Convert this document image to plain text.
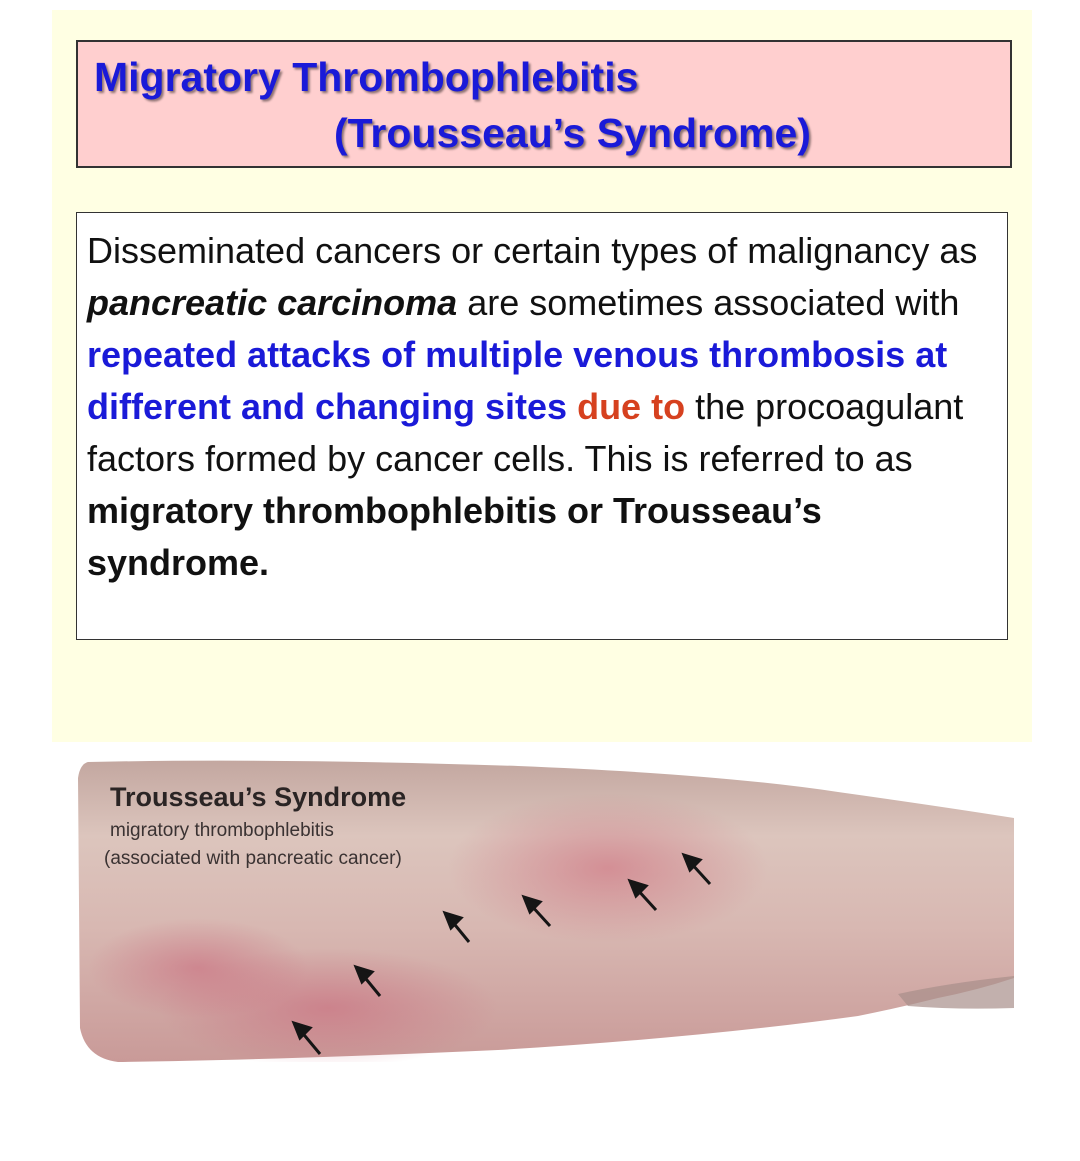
Migratory Thrombophlebitis
(Trousseau’s Syndrome)

Disseminated cancers or certain types of malignancy as pancreatic carcinoma are sometimes associated with repeated attacks of multiple venous thrombosis at different and changing sites due to the procoagulant factors formed by cancer cells. This is referred to as migratory thrombophlebitis or Trousseau’s syndrome.

Trousseau’s Syndrome
migratory thrombophlebitis
(associated with pancreatic cancer)
